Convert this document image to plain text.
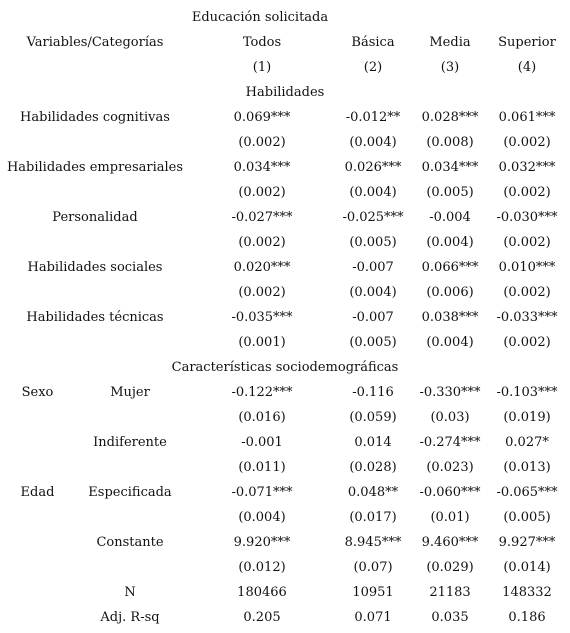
Educación solicitada
Variables/Categorías	Todos	Básica	Media	Superior
(1)	(2)	(3)	(4)
Habilidades
Habilidades cognitivas	0.069***	-0.012**	0.028***	0.061***
(0.002)	(0.004)	(0.008)	(0.002)
Habilidades empresariales	0.034***	0.026***	0.034***	0.032***
(0.002)	(0.004)	(0.005)	(0.002)
Personalidad	-0.027***	-0.025***	-0.004	-0.030***
(0.002)	(0.005)	(0.004)	(0.002)
Habilidades sociales	0.020***	-0.007	0.066***	0.010***
(0.002)	(0.004)	(0.006)	(0.002)
Habilidades técnicas	-0.035***	-0.007	0.038***	-0.033***
(0.001)	(0.005)	(0.004)	(0.002)
Características sociodemográficas
Sexo	Mujer	-0.122***	-0.116	-0.330***	-0.103***
(0.016)	(0.059)	(0.03)	(0.019)
Indiferente	-0.001	0.014	-0.274***	0.027*
(0.011)	(0.028)	(0.023)	(0.013)
Edad	Especificada	-0.071***	0.048**	-0.060***	-0.065***
(0.004)	(0.017)	(0.01)	(0.005)
Constante	9.920***	8.945***	9.460***	9.927***
(0.012)	(0.07)	(0.029)	(0.014)
N	180466	10951	21183	148332
Adj. R-sq	0.205	0.071	0.035	0.186
